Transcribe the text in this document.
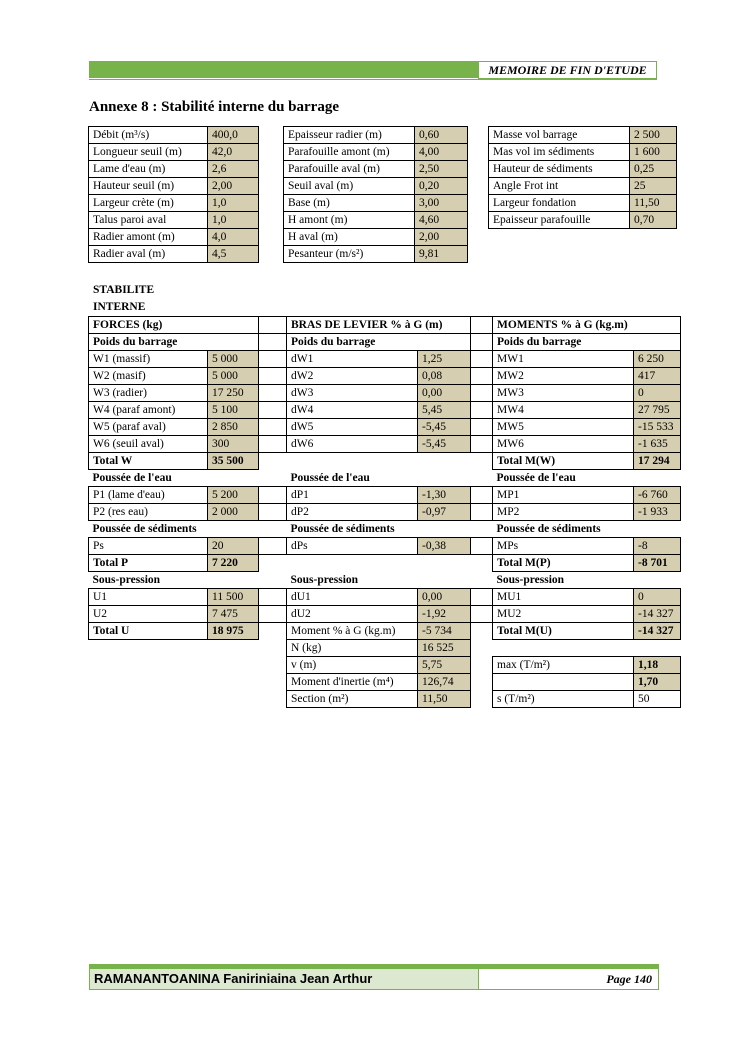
MEMOIRE DE FIN D'ETUDE
Annexe 8 : Stabilité interne du barrage
Débit (m³/s)	400,0
Longueur seuil (m)	42,0
Lame d'eau (m)	2,6
Hauteur seuil (m)	2,00
Largeur crète (m)	1,0
Talus paroi aval	1,0
Radier amont (m)	4,0
Radier aval (m)	4,5
Epaisseur radier (m)	0,60
Parafouille amont (m)	4,00
Parafouille aval (m)	2,50
Seuil aval (m)	0,20
Base (m)	3,00
H amont (m)	4,60
H aval (m)	2,00
Pesanteur (m/s²)	9,81
Masse vol barrage	2 500
Mas vol im sédiments	1 600
Hauteur de sédiments	0,25
Angle Frot int	25
Largeur fondation	11,50
Epaisseur parafouille	0,70
STABILITE
INTERNE
FORCES (kg)			BRAS DE LEVIER % à G (m)			MOMENTS % à G (kg.m)	
Poids du barrage			Poids du barrage			Poids du barrage	
W1 (massif)	5 000		dW1	1,25		MW1	6 250
W2 (masif)	5 000		dW2	0,08		MW2	417
W3 (radier)	17 250		dW3	0,00		MW3	0
W4 (paraf amont)	5 100		dW4	5,45		MW4	27 795
W5 (paraf aval)	2 850		dW5	-5,45		MW5	-15 533
W6 (seuil aval)	300		dW6	-5,45		MW6	-1 635
Total W	35 500					Total M(W)	17 294
Poussée de l'eau			Poussée de l'eau			Poussée de l'eau	
P1 (lame d'eau)	5 200		dP1	-1,30		MP1	-6 760
P2 (res eau)	2 000		dP2	-0,97		MP2	-1 933
Poussée de sédiments			Poussée de sédiments			Poussée de sédiments	
Ps	20		dPs	-0,38		MPs	-8
Total P	7 220					Total M(P)	-8 701
Sous-pression			Sous-pression			Sous-pression	
U1	11 500		dU1	0,00		MU1	0
U2	7 475		dU2	-1,92		MU2	-14 327
Total U	18 975		Moment % à G (kg.m)	-5 734		Total M(U)	-14 327
			N (kg)	16 525			
			v (m)	5,75		max (T/m²)	1,18
			Moment d'inertie (m⁴)	126,74			1,70
			Section (m²)	11,50		s (T/m²)	50
RAMANANTOANINA Faniriniaina Jean Arthur	Page 140
